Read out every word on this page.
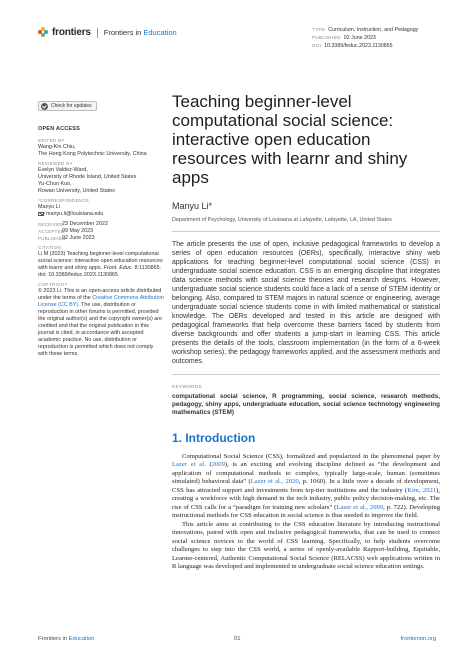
frontiers Frontiers in Education	TYPE Curriculum, Instruction, and Pedagogy
PUBLISHED 02 June 2023
DOI 10.3389/feduc.2023.1130865
Check for updates
OPEN ACCESS
EDITED BY
Wang-Kin Chiu,
The Hong Kong Polytechnic University, China
REVIEWED BY
Evelyn Valdez-Ward,
University of Rhode Island, United States
Yu-Chun Kuo,
Rowan University, United States
*CORRESPONDENCE
Manyu Li
manyu.li@louisiana.edu
RECEIVED 23 December 2022
ACCEPTED
09 May 2023
PUBLISHED
02 June 2023
CITATION
Li M (2023) Teaching beginner-level computational social science: interactive open education resources with learnr and shiny apps. Front. Educ. 8:1130865. doi: 10.3389/feduc.2023.1130865
COPYRIGHT
© 2023 Li. This is an open-access article distributed under the terms of the Creative Commons Attribution License (CC BY). The use, distribution or reproduction in other forums is permitted, provided the original author(s) and the copyright owner(s) are credited and that the original publication in this journal is cited, in accordance with accepted academic practice. No use, distribution or reproduction is permitted which does not comply with these terms.
Teaching beginner-level computational social science: interactive open education resources with learnr and shiny apps
Manyu Li*
Department of Psychology, University of Louisiana at Lafayette, Lafayette, LA, United States

The article presents the use of open, inclusive pedagogical frameworks to develop a series of open education resources (OERs), specifically, interactive shiny web applications for teaching beginner-level computational social science (CSS) in undergraduate social science education. CSS is an emerging discipline that integrates data science methods with social science theories and research designs. However, undergraduate social science students could face a lack of a sense of STEM identity or belonging. Also, compared to STEM majors in natural science or engineering, average undergraduate social science students come in with limited mathematical or statistical knowledge. The OERs developed and tested in this article are designed with pedagogical frameworks that help overcome these barriers faced by students from diverse backgrounds and offer students a jump-start in learning CSS. This article presents the details of the tools, classroom implementation (in the form of a 6-week workshop series), the pedagogy frameworks applied, and the assessment methods and outcomes.

KEYWORDS

computational social science, R programming, social science, research methods, pedagogy, shiny apps, undergraduate education, social science technology engineering mathematics (STEM)

1. Introduction

Computational Social Science (CSS), formalized and popularized in the phenomenal paper by Lazer et al. (2009), is an exciting and evolving discipline defined as “the development and application of computational methods to complex, typically large-scale, human (sometimes simulated) behavioral data” (Lazer et al., 2020, p. 1060). In a little over a decade of development, CSS has attracted support and investments from top-tier institutions and the industry (Kim, 2021), creating a workforce with high demand in the tech industry, public policy decision-making, etc. The rise of CSS calls for a “paradigm for training new scholars” (Lazer et al., 2009, p. 722). Developing instructional methods for CSS education in social science is thus needed to improve the field.

This article aims at contributing to the CSS education literature by introducing instructional innovations, paired with open and inclusive pedagogical frameworks, that can be used to connect social science novices to the world of CSS learning. Specifically, to help students overcome challenges to step into the CSS world, a series of openly-available Rapport-building, Equitable, Learner-centered, Authentic Computational Social Science (RELACSS) web applications written in R language was developed and implemented in undergraduate social science education settings.

Frontiers in Education	01	frontiersin.org
